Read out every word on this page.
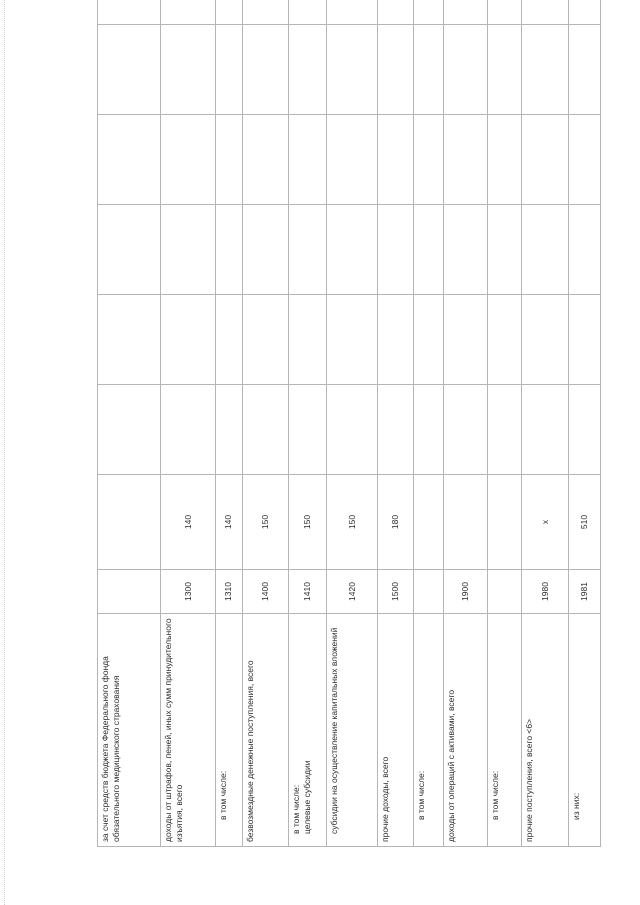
за счет средств бюджета Федерального фонда обязательного медицинского страхования								
доходы от штрафов, пеней, иных сумм принудительного изъятия, всего	1300	140						
в том числе:	1310	140						
безвозмездные денежные поступления, всего	1400	150						

в том числе: целевые субсидии	1410	150						
субсидии на осуществление капитальных вложений	1420	150						
прочие доходы, всего	1500	180						
в том числе:								
доходы от операций с активами, всего	1900							
в том числе:								
прочие поступления, всего <6>	1980	x						
из них:	1981	510						
